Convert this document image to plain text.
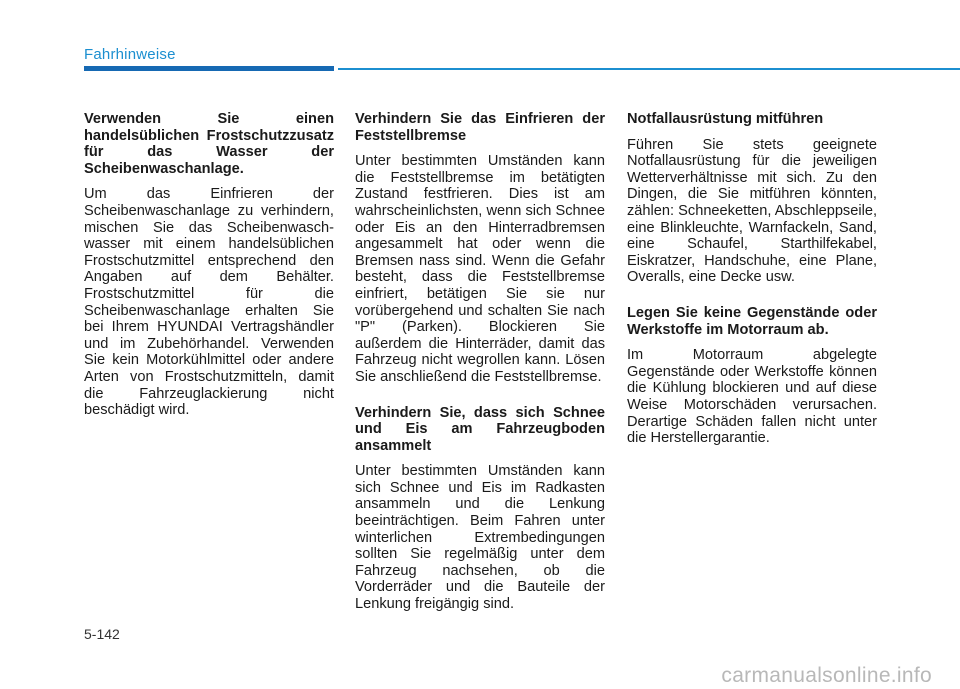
Fahrhinweise
Verwenden Sie einen handelsüblichen Frostschutzzusatz für das Wasser der Scheibenwaschanlage.

Um das Einfrieren der Scheibenwaschanlage zu verhindern, mischen Sie das Scheibenwaschwasser mit einem handelsüblichen Frostschutzmittel entsprechend den Angaben auf dem Behälter. Frostschutzmittel für die Scheibenwaschanlage erhalten Sie bei Ihrem HYUNDAI Vertragshändler und im Zubehörhandel. Verwenden Sie kein Motorkühlmittel oder andere Arten von Frostschutzmitteln, damit die Fahrzeuglackierung nicht beschädigt wird.

Verhindern Sie das Einfrieren der Feststellbremse

Unter bestimmten Umständen kann die Feststellbremse im betätigten Zustand festfrieren. Dies ist am wahrscheinlichsten, wenn sich Schnee oder Eis an den Hinterradbremsen angesammelt hat oder wenn die Bremsen nass sind. Wenn die Gefahr besteht, dass die Feststellbremse einfriert, betätigen Sie sie nur vorübergehend und schalten Sie nach "P" (Parken). Blockieren Sie außerdem die Hinterräder, damit das Fahrzeug nicht wegrollen kann. Lösen Sie anschließend die Feststellbremse.

Verhindern Sie, dass sich Schnee und Eis am Fahrzeugboden ansammelt

Unter bestimmten Umständen kann sich Schnee und Eis im Radkasten ansammeln und die Lenkung beeinträchtigen. Beim Fahren unter winterlichen Extrembedingungen sollten Sie regelmäßig unter dem Fahrzeug nachsehen, ob die Vorderräder und die Bauteile der Lenkung freigängig sind.

Notfallausrüstung mitführen

Führen Sie stets geeignete Notfallausrüstung für die jeweiligen Wetterverhältnisse mit sich. Zu den Dingen, die Sie mitführen könnten, zählen: Schneeketten, Abschleppseile, eine Blinkleuchte, Warnfackeln, Sand, eine Schaufel, Starthilfekabel, Eiskratzer, Handschuhe, eine Plane, Overalls, eine Decke usw.

Legen Sie keine Gegenstände oder Werkstoffe im Motorraum ab.

Im Motorraum abgelegte Gegenstände oder Werkstoffe können die Kühlung blockieren und auf diese Weise Motorschäden verursachen. Derartige Schäden fallen nicht unter die Herstellergarantie.

5-142
carmanualsonline.info
